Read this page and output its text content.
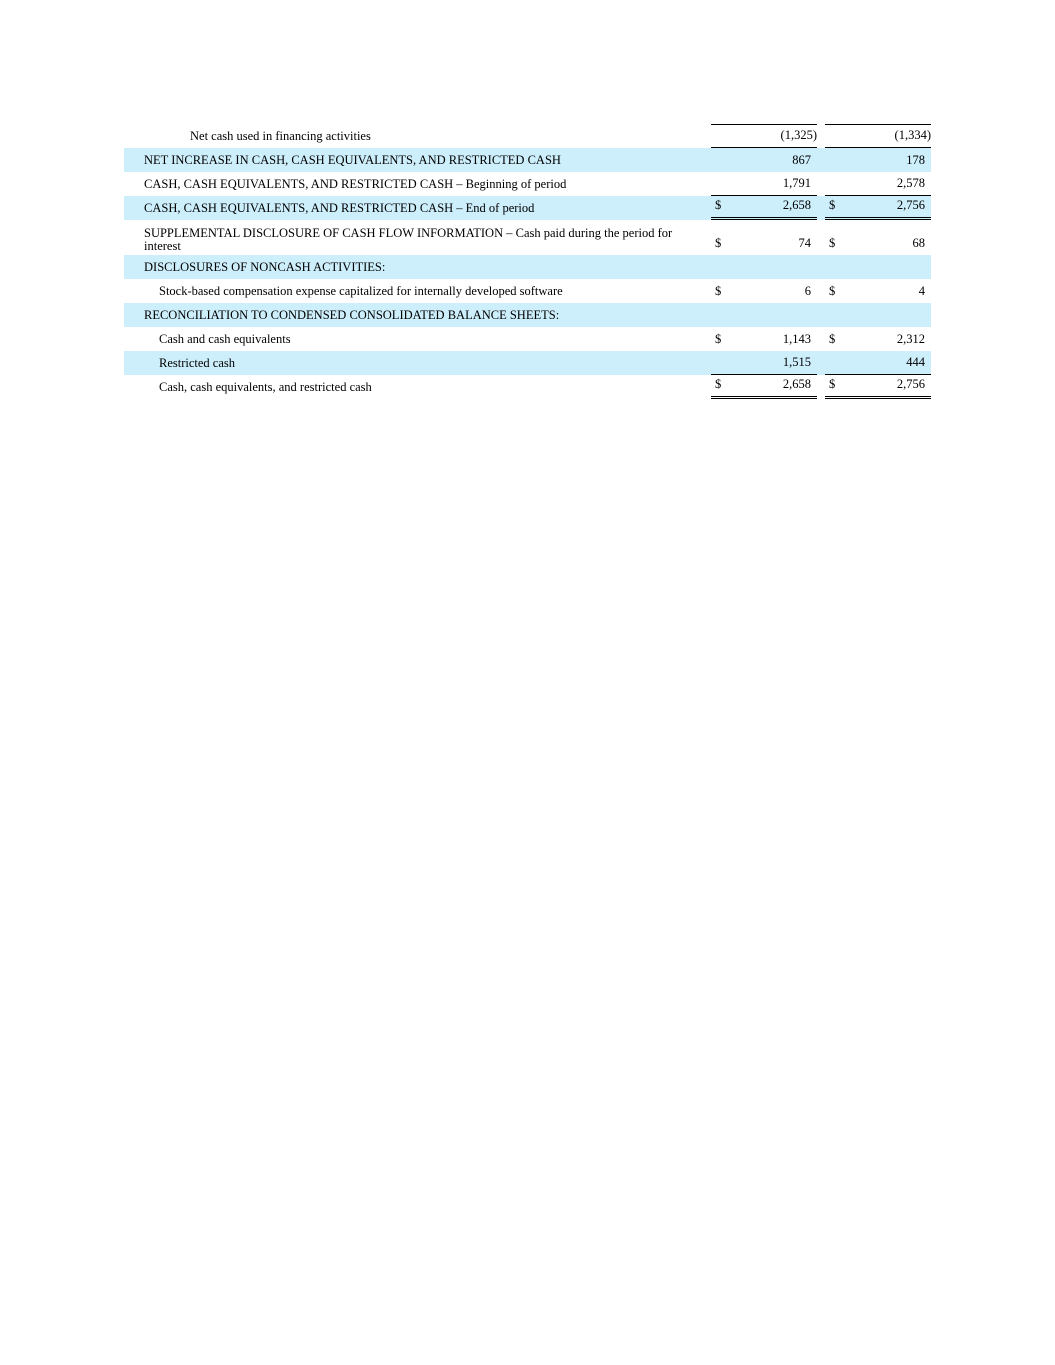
Net cash used in financing activities	(1,325)	(1,334)
NET INCREASE IN CASH, CASH EQUIVALENTS, AND RESTRICTED CASH	867	178
CASH, CASH EQUIVALENTS, AND RESTRICTED CASH – Beginning of period	1,791	2,578
CASH, CASH EQUIVALENTS, AND RESTRICTED CASH – End of period	$	2,658 $	2,756
SUPPLEMENTAL DISCLOSURE OF CASH FLOW INFORMATION – Cash paid during the period for interest	$	74 $	68
DISCLOSURES OF NONCASH ACTIVITIES:
Stock-based compensation expense capitalized for internally developed software	$	6 $	4
RECONCILIATION TO CONDENSED CONSOLIDATED BALANCE SHEETS:
Cash and cash equivalents	$	1,143 $	2,312
Restricted cash	1,515	444
Cash, cash equivalents, and restricted cash	$	2,658 $	2,756
